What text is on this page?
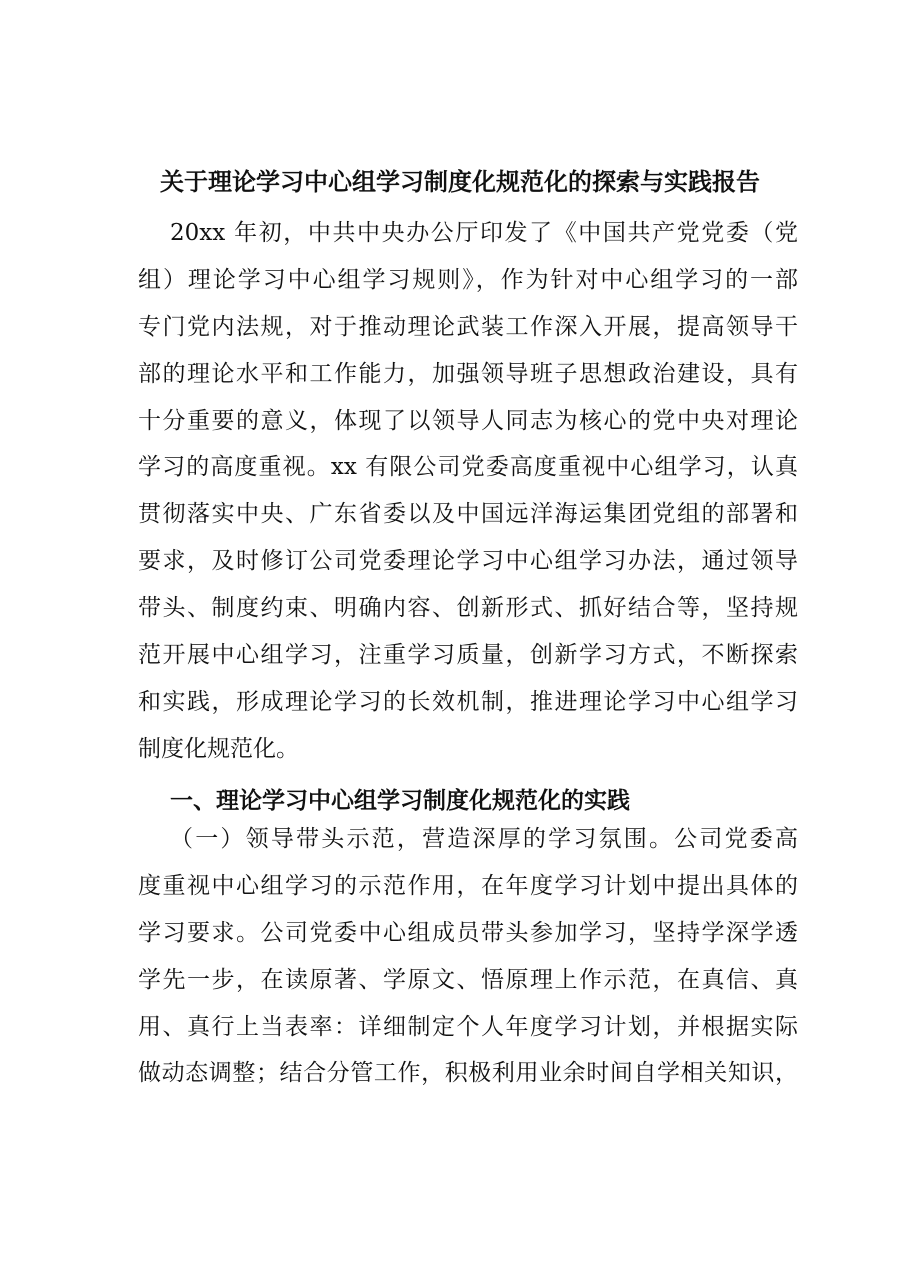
关于理论学习中心组学习制度化规范化的探索与实践报告
20xx 年初，中共中央办公厅印发了《中国共产党党委（党
组）理论学习中心组学习规则》，作为针对中心组学习的一部
专门党内法规，对于推动理论武装工作深入开展，提高领导干
部的理论水平和工作能力，加强领导班子思想政治建设，具有
十分重要的意义，体现了以领导人同志为核心的党中央对理论
学习的高度重视。xx 有限公司党委高度重视中心组学习，认真
贯彻落实中央、广东省委以及中国远洋海运集团党组的部署和
要求，及时修订公司党委理论学习中心组学习办法，通过领导
带头、制度约束、明确内容、创新形式、抓好结合等，坚持规
范开展中心组学习，注重学习质量，创新学习方式，不断探索
和实践，形成理论学习的长效机制，推进理论学习中心组学习
制度化规范化。
一、理论学习中心组学习制度化规范化的实践
（一）领导带头示范，营造深厚的学习氛围。公司党委高
度重视中心组学习的示范作用，在年度学习计划中提出具体的
学习要求。公司党委中心组成员带头参加学习，坚持学深学透
学先一步，在读原著、学原文、悟原理上作示范，在真信、真
用、真行上当表率：详细制定个人年度学习计划，并根据实际
做动态调整；结合分管工作，积极利用业余时间自学相关知识，
